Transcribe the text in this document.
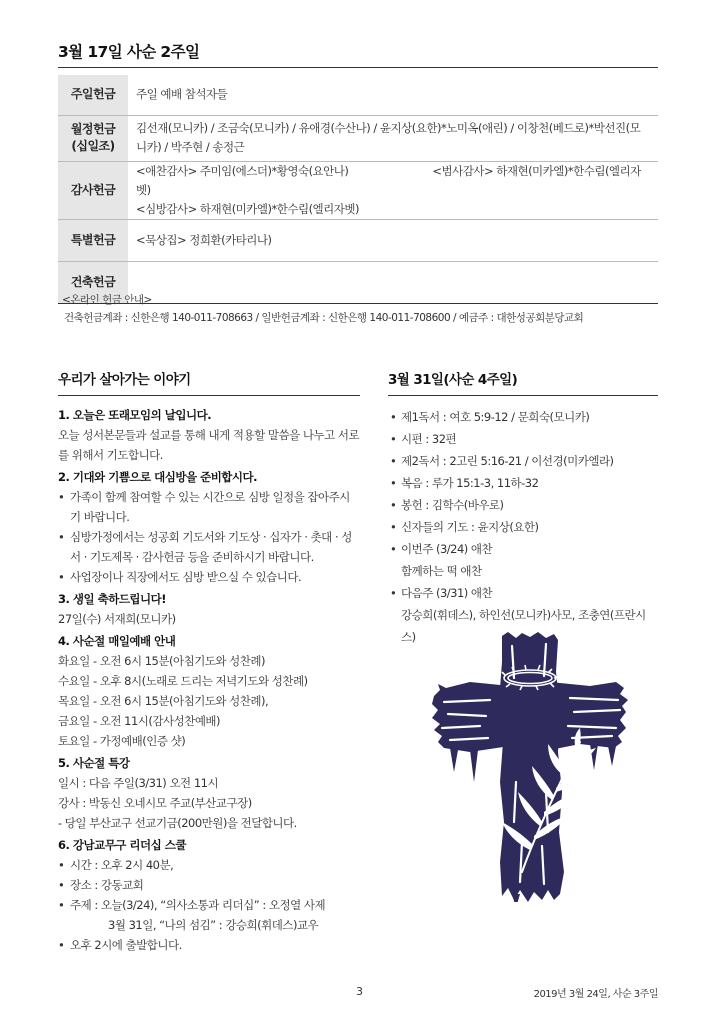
3월 17일 사순 2주일
주일헌금	주일 예배 참석자들

월정헌금
(십일조)	김선재(모니카) / 조금숙(모니카) / 유애경(수산나) / 윤지상(요한)*노미옥(애린) / 이창천(베드로)*박선진(모니카) / 박주현 / 송정근
감사헌금	<애찬감사> 주미임(에스더)*황영숙(요안나) <범사감사> 하재현(미카엘)*한수림(엘리자벳)
<심방감사> 하재현(미카엘)*한수림(엘리자벳)

특별헌금	<묵상집> 정희환(카타리나)
건축헌금	
<온라인 헌금 안내>
건축헌금계좌 : 신한은행 140-011-708663 / 일반헌금계좌 : 신한은행 140-011-708600 / 예금주 : 대한성공회분당교회
우리가 살아가는 이야기
1. 오늘은 또래모임의 날입니다.
오늘 성서본문들과 설교를 통해 내게 적용할 말씀을 나누고 서로를 위해서 기도합니다.
2. 기대와 기쁨으로 대심방을 준비합시다.
• 가족이 함께 참여할 수 있는 시간으로 심방 일정을 잡아주시기 바랍니다.
• 심방가정에서는 성공회 기도서와 기도상 · 십자가 · 촛대 · 성서 · 기도제목 · 감사헌금 등을 준비하시기 바랍니다.
• 사업장이나 직장에서도 심방 받으실 수 있습니다.
3. 생일 축하드립니다!
27일(수) 서재희(모니카)
4. 사순절 매일예배 안내
화요일 - 오전 6시 15분(아침기도와 성찬례)
수요일 - 오후 8시(노래로 드리는 저녁기도와 성찬례)
목요일 - 오전 6시 15분(아침기도와 성찬례),
금요일 - 오전 11시(감사성찬예배)
토요일 - 가정예배(인증 샷)
5. 사순절 특강
일시 : 다음 주일(3/31) 오전 11시
강사 : 박동신 오네시모 주교(부산교구장)
- 당일 부산교구 선교기금(200만원)을 전달합니다.
6. 강남교무구 리더십 스쿨
• 시간 : 오후 2시 40분,
• 장소 : 강동교회
• 주제 : 오늘(3/24), “의사소통과 리더십” : 오정열 사제
3월 31일, “나의 섬김” : 강승희(휘데스)교우
• 오후 2시에 출발합니다.
3월 31일(사순 4주일)
• 제1독서 : 여호 5:9-12 / 문희숙(모니카)
• 시편 : 32편
• 제2독서 : 2고린 5:16-21 / 이선경(미카엘라)
• 복음 : 루가 15:1-3, 11하-32
• 봉헌 : 김학수(바우로)
• 신자들의 기도 : 윤지상(요한)
• 이번주 (3/24) 애찬
함께하는 떡 애찬
• 다음주 (3/31) 애찬
강승희(휘데스), 하인선(모니카)사모, 조충연(프란시스)
3	2019년 3월 24일, 사순 3주일
